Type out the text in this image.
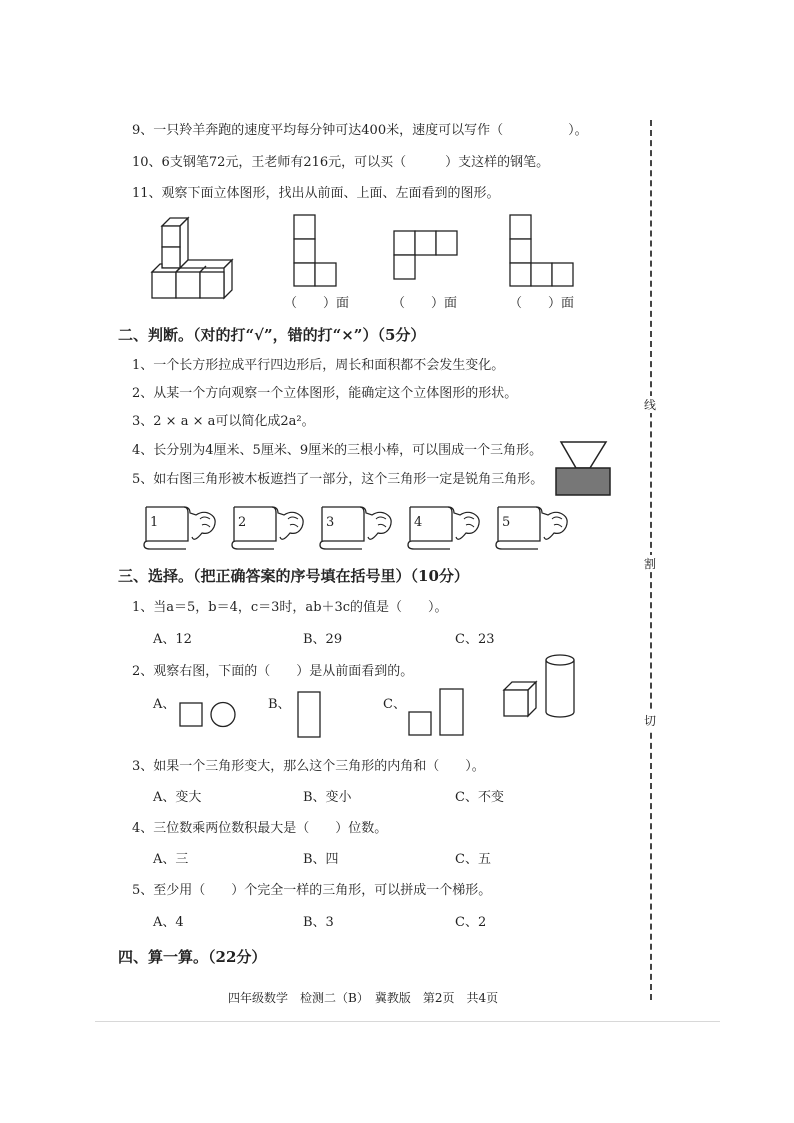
线
割
切
9、一只羚羊奔跑的速度平均每分钟可达400米，速度可以写作（　　　　　）。
10、6支钢笔72元，王老师有216元，可以买（　　　）支这样的钢笔。
11、观察下面立体图形，找出从前面、上面、左面看到的图形。
（　　）面	（　　）面	（　　）面
二、判断。（对的打“√”，错的打“×”）（5分）
1、一个长方形拉成平行四边形后，周长和面积都不会发生变化。
2、从某一个方向观察一个立体图形，能确定这个立体图形的形状。
3、2 × a × a可以简化成2a²。
4、长分别为4厘米、5厘米、9厘米的三根小棒，可以围成一个三角形。
5、如右图三角形被木板遮挡了一部分，这个三角形一定是锐角三角形。
1	2	3	4	5
三、选择。（把正确答案的序号填在括号里）（10分）
1、当a＝5，b＝4，c＝3时，ab＋3c的值是（　　）。
A、12	B、29	C、23
2、观察右图，下面的（　　）是从前面看到的。
A、	B、	C、
3、如果一个三角形变大，那么这个三角形的内角和（　　）。
A、变大	B、变小	C、不变
4、三位数乘两位数积最大是（　　）位数。
A、三	B、四	C、五
5、至少用（　　）个完全一样的三角形，可以拼成一个梯形。
A、4	B、3	C、2
四、算一算。（22分）
四年级数学　检测二（B）　冀教版　第2页　共4页
